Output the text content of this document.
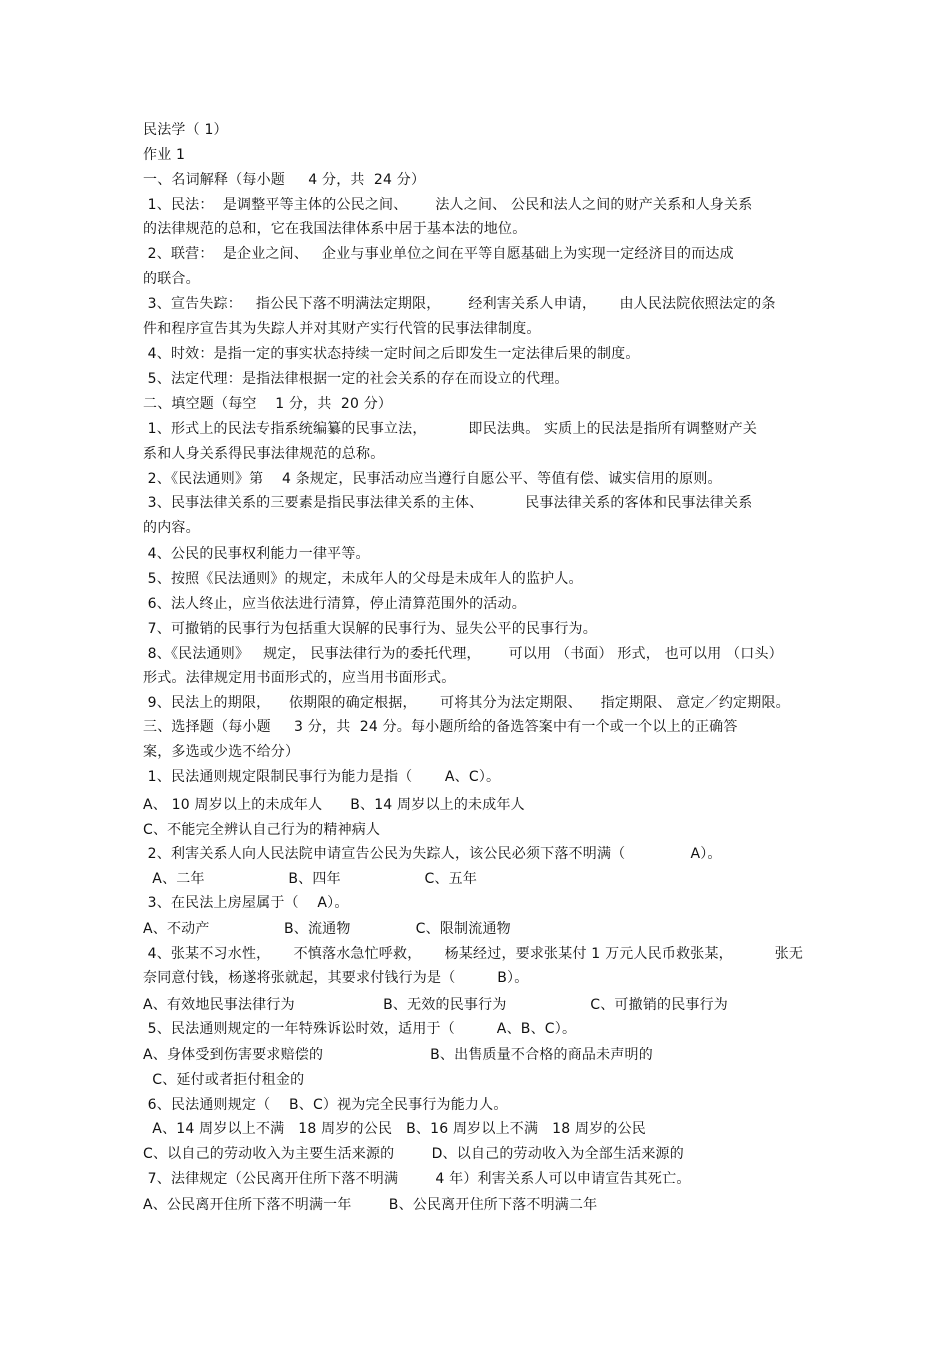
民法学（ 1）
作业 1
一、名词解释（每小题     4 分，共  24 分）
1、民法：  是调整平等主体的公民之间、      法人之间、 公民和法人之间的财产关系和人身关系
的法律规范的总和，它在我国法律体系中居于基本法的地位。
2、联营：  是企业之间、   企业与事业单位之间在平等自愿基础上为实现一定经济目的而达成
的联合。
3、宣告失踪：   指公民下落不明满法定期限，      经利害关系人申请，     由人民法院依照法定的条
件和程序宣告其为失踪人并对其财产实行代管的民事法律制度。
4、时效：是指一定的事实状态持续一定时间之后即发生一定法律后果的制度。
5、法定代理：是指法律根据一定的社会关系的存在而设立的代理。
二、填空题（每空    1 分，共  20 分）
1、形式上的民法专指系统编纂的民事立法，         即民法典。 实质上的民法是指所有调整财产关
系和人身关系得民事法律规范的总称。
2、《民法通则》第    4 条规定，民事活动应当遵行自愿公平、等值有偿、诚实信用的原则。
3、民事法律关系的三要素是指民事法律关系的主体、         民事法律关系的客体和民事法律关系
的内容。
4、公民的民事权利能力一律平等。
5、按照《民法通则》的规定，未成年人的父母是未成年人的监护人。
6、法人终止，应当依法进行清算，停止清算范围外的活动。
7、可撤销的民事行为包括重大误解的民事行为、显失公平的民事行为。
8、《民法通则》   规定， 民事法律行为的委托代理，      可以用 （书面） 形式， 也可以用 （口头）
形式。法律规定用书面形式的，应当用书面形式。
9、民法上的期限，    依期限的确定根据，     可将其分为法定期限、    指定期限、 意定／约定期限。
三、选择题（每小题     3 分，共  24 分。每小题所给的备选答案中有一个或一个以上的正确答
案，多选或少选不给分）
1、民法通则规定限制民事行为能力是指（       A、C）。
A、 10 周岁以上的未成年人      B、14 周岁以上的未成年人
C、不能完全辨认自己行为的精神病人
2、利害关系人向人民法院申请宣告公民为失踪人，该公民必须下落不明满（              A）。
A、二年                  B、四年                  C、五年
3、在民法上房屋属于（    A）。
A、不动产                B、流通物              C、限制流通物
4、张某不习水性，     不慎落水急忙呼救，     杨某经过，要求张某付 1 万元人民币救张某，         张无
奈同意付钱，杨遂将张就起，其要求付钱行为是（         B）。
A、有效地民事法律行为                   B、无效的民事行为                  C、可撤销的民事行为
5、民法通则规定的一年特殊诉讼时效，适用于（         A、B、C）。
A、身体受到伤害要求赔偿的                       B、出售质量不合格的商品未声明的
C、延付或者拒付租金的
6、民法通则规定（    B、C）视为完全民事行为能力人。
A、14 周岁以上不满   18 周岁的公民   B、16 周岁以上不满   18 周岁的公民
C、以自己的劳动收入为主要生活来源的        D、以自己的劳动收入为全部生活来源的
7、法律规定（公民离开住所下落不明满        4 年）利害关系人可以申请宣告其死亡。
A、公民离开住所下落不明满一年        B、公民离开住所下落不明满二年
